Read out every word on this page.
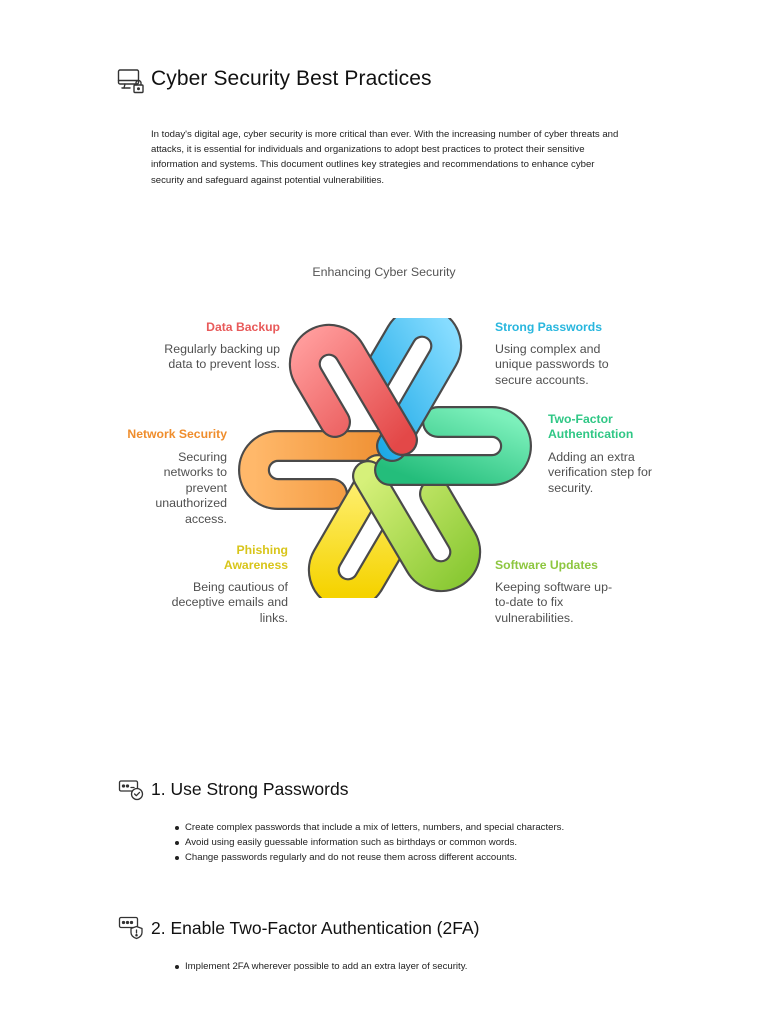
Cyber Security Best Practices

In today's digital age, cyber security is more critical than ever. With the increasing number of cyber threats and attacks, it is essential for individuals and organizations to adopt best practices to protect their sensitive information and systems. This document outlines key strategies and recommendations to enhance cyber security and safeguard against potential vulnerabilities.

Enhancing Cyber Security
Data Backup
Regularly backing up data to prevent loss.
Strong Passwords
Using complex and unique passwords to secure accounts.
Two-Factor Authentication
Adding an extra verification step for security.
Software Updates
Keeping software up-to-date to fix vulnerabilities.
Phishing Awareness
Being cautious of deceptive emails and links.
Network Security
Securing networks to prevent unauthorized access.
1. Use Strong Passwords
Create complex passwords that include a mix of letters, numbers, and special characters.
Avoid using easily guessable information such as birthdays or common words.
Change passwords regularly and do not reuse them across different accounts.
2. Enable Two-Factor Authentication (2FA)
Implement 2FA wherever possible to add an extra layer of security.
